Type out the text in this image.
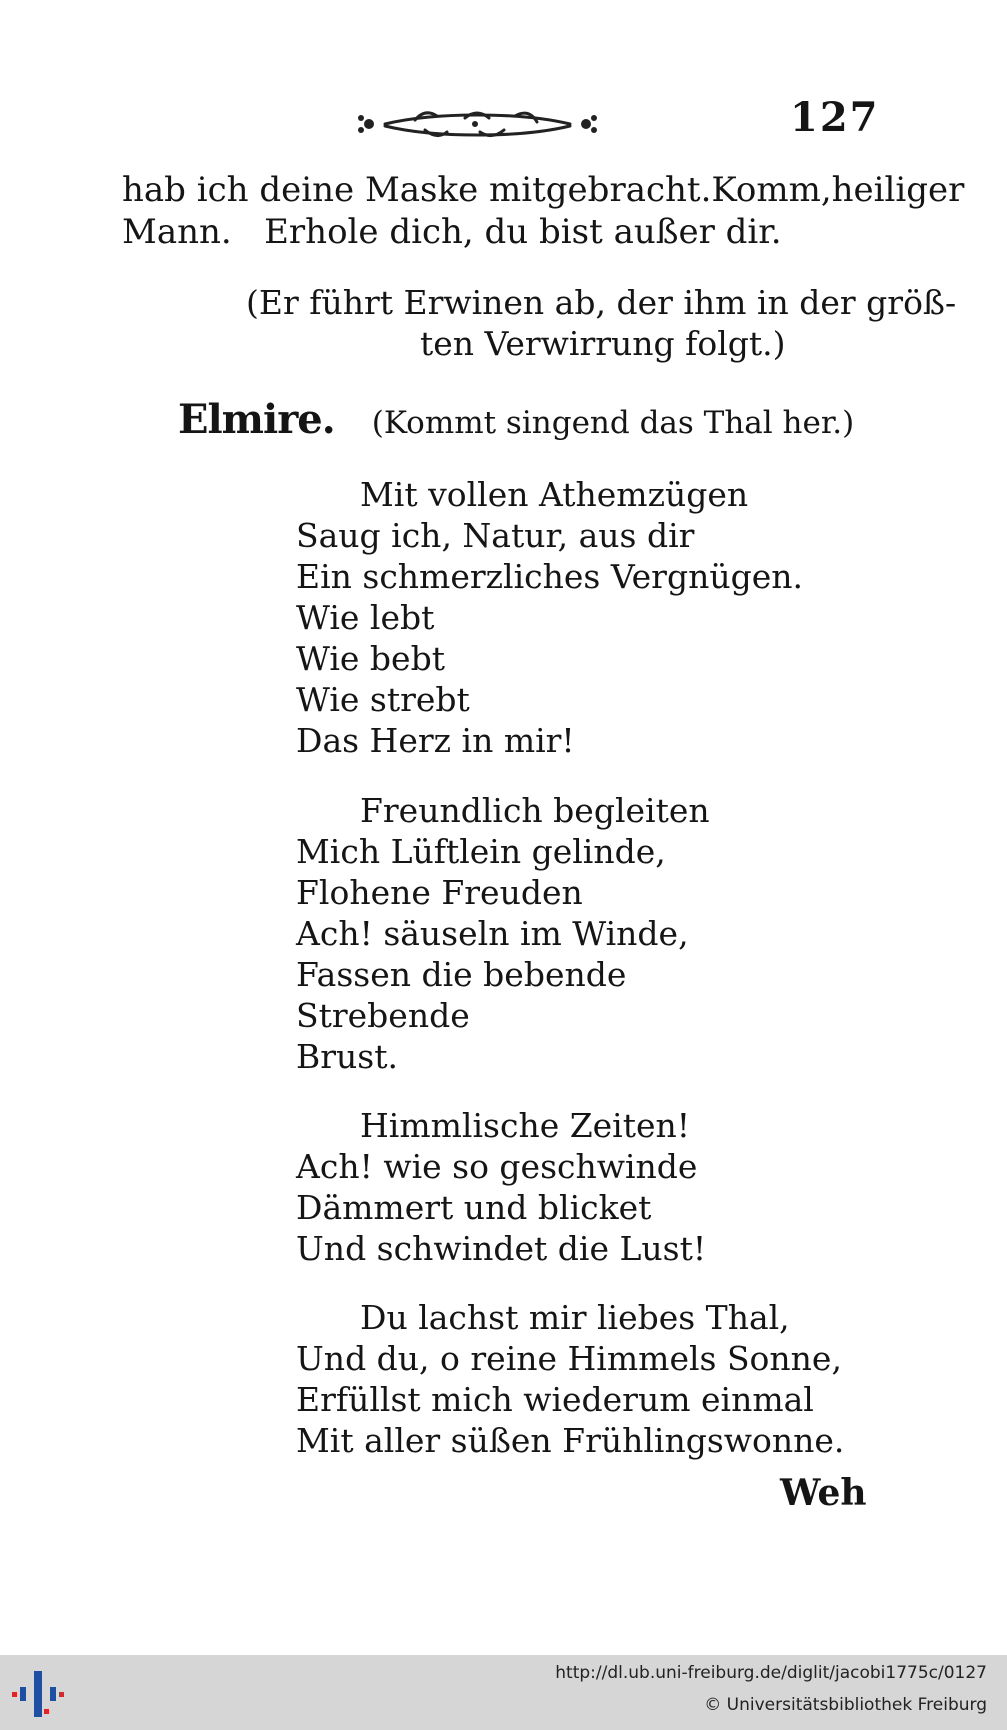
127
hab ich deine Maske mitgebracht. Komm, heiliger
Mann.   Erhole dich, du bist außer dir.
(Er führt Erwinen ab, der ihm in der größ-
ten Verwirrung folgt.)
Elmire. (Kommt singend das Thal her.)
Mit vollen Athemzügen
Saug ich, Natur, aus dir
Ein schmerzliches Vergnügen.
Wie lebt
Wie bebt
Wie strebt
Das Herz in mir!
Freundlich begleiten
Mich Lüftlein gelinde,
Flohene Freuden
Ach! säuseln im Winde,
Fassen die bebende
Strebende
Brust.
Himmlische Zeiten!
Ach! wie so geschwinde
Dämmert und blicket
Und schwindet die Lust!
Du lachst mir liebes Thal,
Und du, o reine Himmels Sonne,
Erfüllst mich wiederum einmal
Mit aller süßen Frühlingswonne.
Weh
http://dl.ub.uni-freiburg.de/diglit/jacobi1775c/0127
© Universitätsbibliothek Freiburg
